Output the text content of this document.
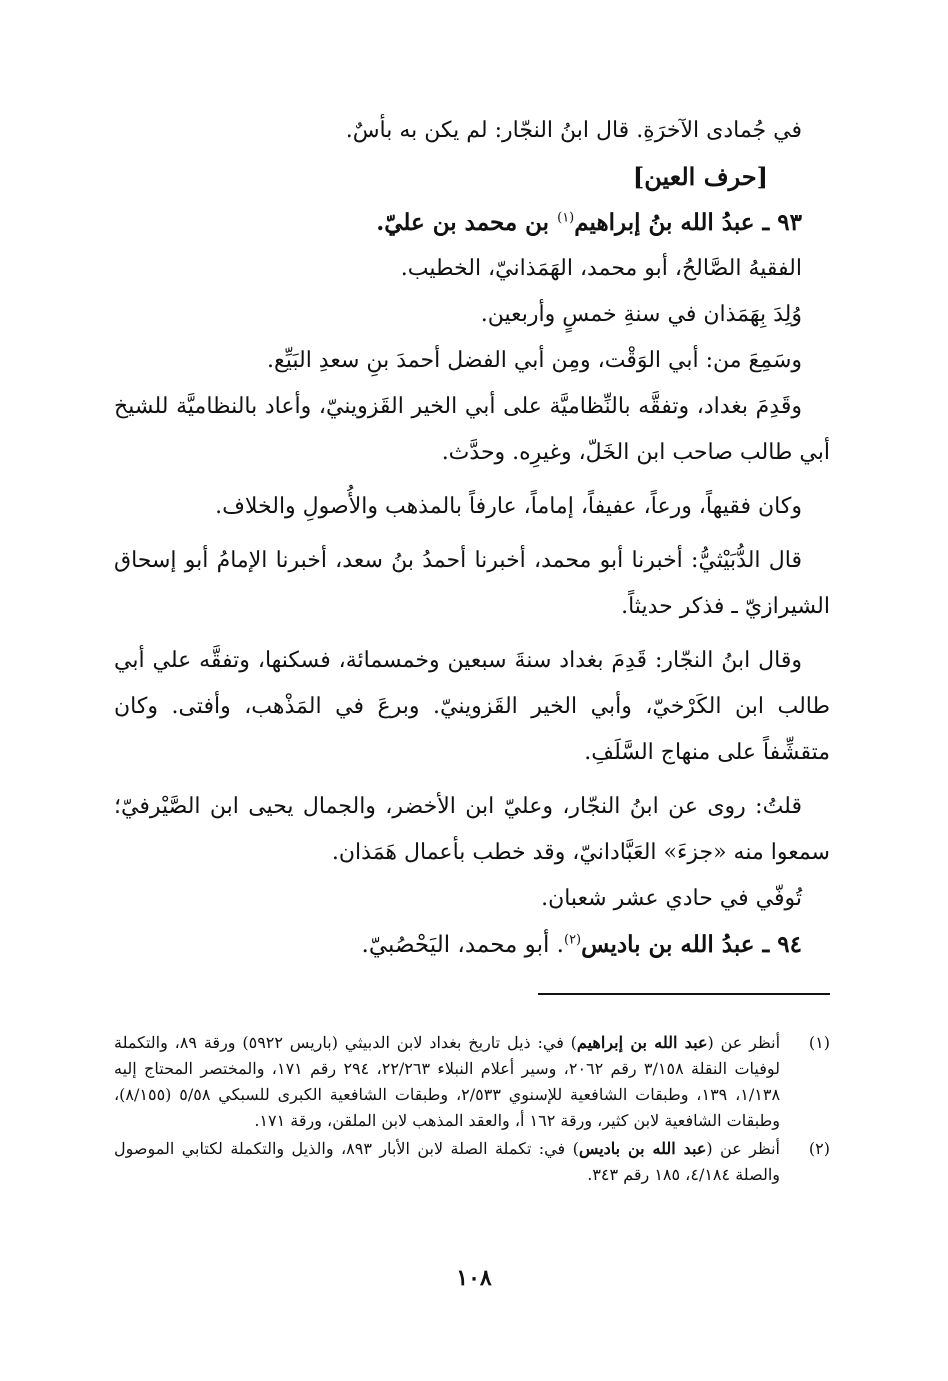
في جُمادى الآخرَةِ. قال ابنُ النجّار: لم يكن به بأسٌ.

[حرف العين]

٩٣ ـ عبدُ الله بنُ إبراهيم$^{(١)}$ بن محمد بن عليّ.

الفقيهُ الصَّالحُ، أبو محمد، الهَمَذانيّ، الخطيب.

وُلِدَ بِهَمَذان في سنةِ خمسٍ وأربعين.

وسَمِعَ من: أبي الوَقْت، ومِن أبي الفضل أحمدَ بنِ سعدِ البَيِّع.

وقَدِمَ بغداد، وتفقَّه بالنِّظاميَّة على أبي الخير القَزوينيّ، وأعاد بالنظاميَّة للشيخ أبي طالب صاحب ابن الخَلّ، وغيرِه. وحدَّث.

وكان فقيهاً، ورعاً، عفيفاً، إماماً، عارفاً بالمذهب والأُصولِ والخلاف.

قال الدُّبَيْثيُّ: أخبرنا أبو محمد، أخبرنا أحمدُ بنُ سعد، أخبرنا الإمامُ أبو إسحاق الشيرازيّ ـ فذكر حديثاً.

وقال ابنُ النجّار: قَدِمَ بغداد سنةَ سبعين وخمسمائة، فسكنها، وتفقَّه علي أبي طالب ابن الكَرْخيّ، وأبي الخير القَزوينيّ. وبرعَ في المَذْهب، وأفتى. وكان متقشِّفاً على منهاج السَّلَفِ.

قلتُ: روى عن ابنُ النجّار، وعليّ ابن الأخضر، والجمال يحيى ابن الصَّيْرفيّ؛ سمعوا منه «جزءَ» العَبَّادانيّ، وقد خطب بأعمال هَمَذان.

تُوفّي في حادي عشر شعبان.

٩٤ ـ عبدُ الله بن باديس$^{(٢)}$. أبو محمد، اليَحْصُبيّ.

(١)
أنظر عن (عبد الله بن إبراهيم) في: ذيل تاريخ بغداد لابن الدبيثي (باريس ٥٩٢٢) ورقة ٨٩، والتكملة لوفيات النقلة ٣/١٥٨ رقم ٢٠٦٢، وسير أعلام النبلاء ٢٢/٢٦٣، ٢٩٤ رقم ١٧١، والمختصر المحتاج إليه ١/١٣٨، ١٣٩، وطبقات الشافعية للإسنوي ٢/٥٣٣، وطبقات الشافعية الكبرى للسبكي ٥/٥٨ (٨/١٥٥)، وطبقات الشافعية لابن كثير، ورقة ١٦٢ أ، والعقد المذهب لابن الملقن، ورقة ١٧١.
(٢)
أنظر عن (عبد الله بن باديس) في: تكملة الصلة لابن الأبار ٨٩٣، والذيل والتكملة لكتابي الموصول والصلة ٤/١٨٤، ١٨٥ رقم ٣٤٣.
١٠٨
